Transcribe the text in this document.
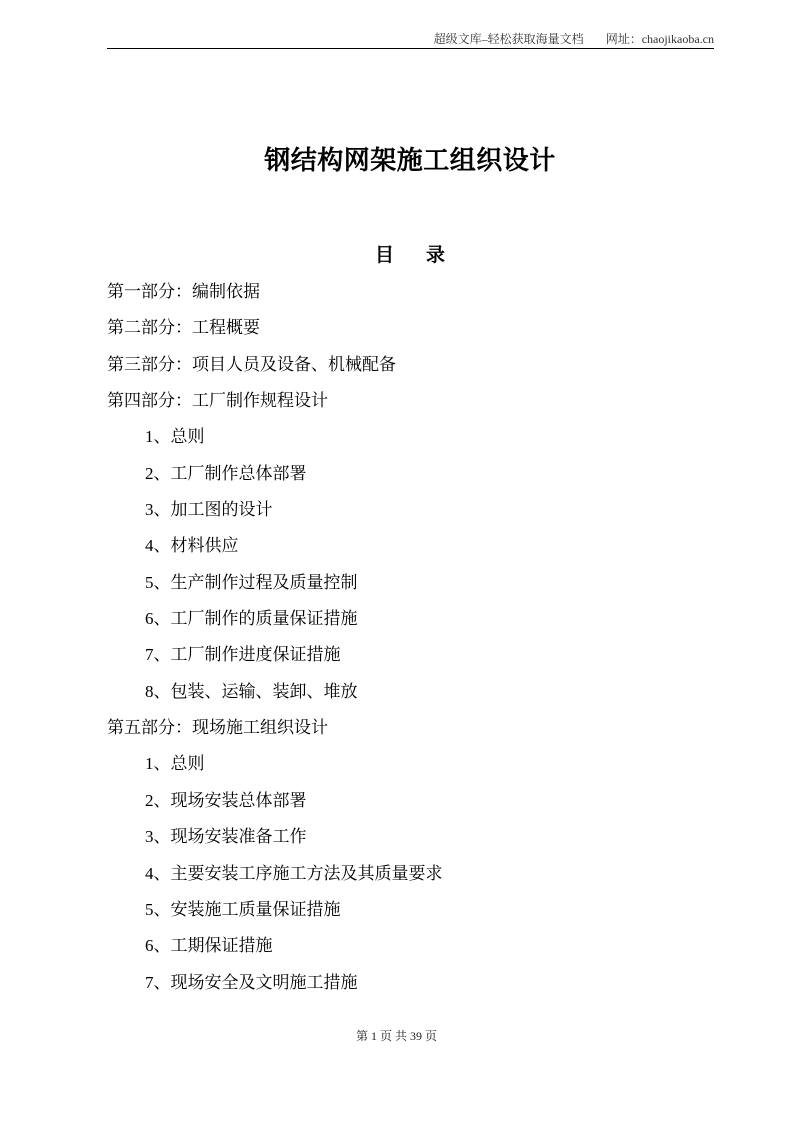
超级文库–轻松获取海量文档 网址：chaojikaoba.cn
钢结构网架施工组织设计
目 录
第一部分：编制依据
第二部分：工程概要
第三部分：项目人员及设备、机械配备
第四部分：工厂制作规程设计
1、总则
2、工厂制作总体部署
3、加工图的设计
4、材料供应
5、生产制作过程及质量控制
6、工厂制作的质量保证措施
7、工厂制作进度保证措施
8、包装、运输、装卸、堆放
第五部分：现场施工组织设计
1、总则
2、现场安装总体部署
3、现场安装准备工作
4、主要安装工序施工方法及其质量要求
5、安装施工质量保证措施
6、工期保证措施
7、现场安全及文明施工措施
第 1 页 共 39 页
